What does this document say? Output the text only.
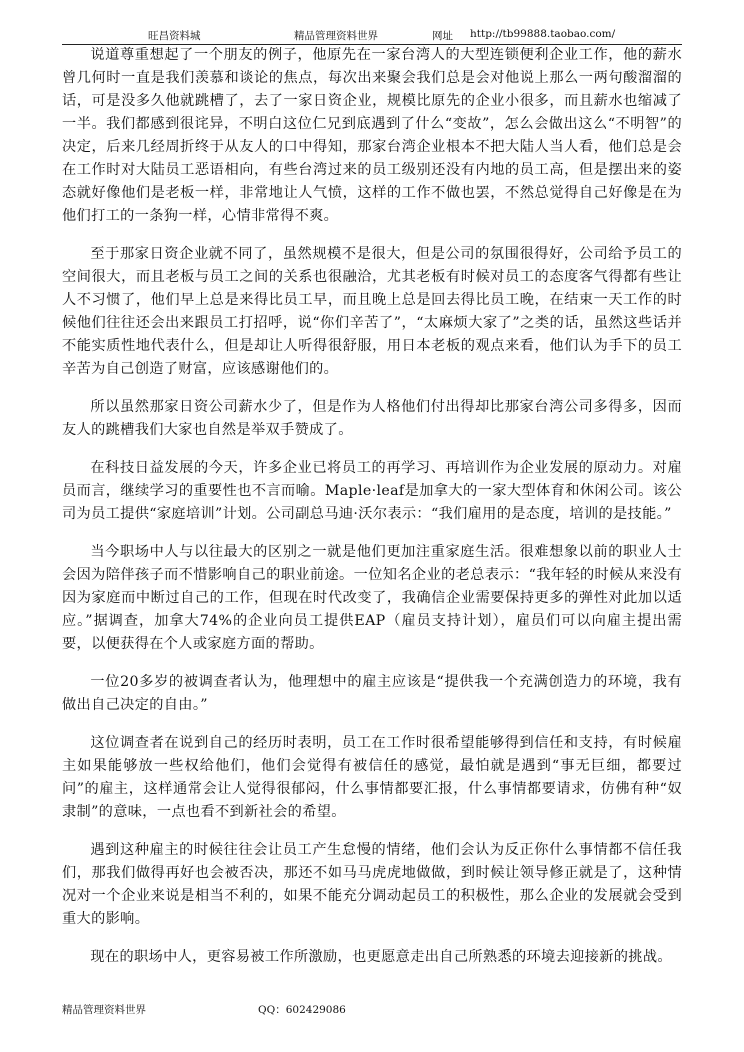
旺昌资料城	精品管理资料世界	网址 http://tb99888.taobao.com/

说道尊重想起了一个朋友的例子，他原先在一家台湾人的大型连锁便利企业工作，他的薪水曾几何时一直是我们羡慕和谈论的焦点，每次出来聚会我们总是会对他说上那么一两句酸溜溜的话，可是没多久他就跳槽了，去了一家日资企业，规模比原先的企业小很多，而且薪水也缩减了一半。我们都感到很诧异，不明白这位仁兄到底遇到了什么“变故”，怎么会做出这么“不明智”的决定，后来几经周折终于从友人的口中得知，那家台湾企业根本不把大陆人当人看，他们总是会在工作时对大陆员工恶语相向，有些台湾过来的员工级别还没有内地的员工高，但是摆出来的姿态就好像他们是老板一样，非常地让人气愤，这样的工作不做也罢，不然总觉得自己好像是在为他们打工的一条狗一样，心情非常得不爽。

至于那家日资企业就不同了，虽然规模不是很大，但是公司的氛围很得好，公司给予员工的空间很大，而且老板与员工之间的关系也很融洽，尤其老板有时候对员工的态度客气得都有些让人不习惯了，他们早上总是来得比员工早，而且晚上总是回去得比员工晚，在结束一天工作的时候他们往往还会出来跟员工打招呼，说“你们辛苦了”，“太麻烦大家了”之类的话，虽然这些话并不能实质性地代表什么，但是却让人听得很舒服，用日本老板的观点来看，他们认为手下的员工辛苦为自己创造了财富，应该感谢他们的。

所以虽然那家日资公司薪水少了，但是作为人格他们付出得却比那家台湾公司多得多，因而友人的跳槽我们大家也自然是举双手赞成了。

在科技日益发展的今天，许多企业已将员工的再学习、再培训作为企业发展的原动力。对雇员而言，继续学习的重要性也不言而喻。Maple·leaf是加拿大的一家大型体育和休闲公司。该公司为员工提供“家庭培训”计划。公司副总马迪·沃尔表示：“我们雇用的是态度，培训的是技能。”

当今职场中人与以往最大的区别之一就是他们更加注重家庭生活。很难想象以前的职业人士会因为陪伴孩子而不惜影响自己的职业前途。一位知名企业的老总表示：“我年轻的时候从来没有因为家庭而中断过自己的工作，但现在时代改变了，我确信企业需要保持更多的弹性对此加以适应。”据调查，加拿大74%的企业向员工提供EAP（雇员支持计划），雇员们可以向雇主提出需要，以便获得在个人或家庭方面的帮助。

一位20多岁的被调查者认为，他理想中的雇主应该是“提供我一个充满创造力的环境，我有做出自己决定的自由。”

这位调查者在说到自己的经历时表明，员工在工作时很希望能够得到信任和支持，有时候雇主如果能够放一些权给他们，他们会觉得有被信任的感觉，最怕就是遇到“事无巨细，都要过问”的雇主，这样通常会让人觉得很郁闷，什么事情都要汇报，什么事情都要请求，仿佛有种“奴隶制”的意味，一点也看不到新社会的希望。

遇到这种雇主的时候往往会让员工产生怠慢的情绪，他们会认为反正你什么事情都不信任我们，那我们做得再好也会被否决，那还不如马马虎虎地做做，到时候让领导修正就是了，这种情况对一个企业来说是相当不利的，如果不能充分调动起员工的积极性，那么企业的发展就会受到重大的影响。

现在的职场中人，更容易被工作所激励，也更愿意走出自己所熟悉的环境去迎接新的挑战。

精品管理资料世界	QQ：602429086
